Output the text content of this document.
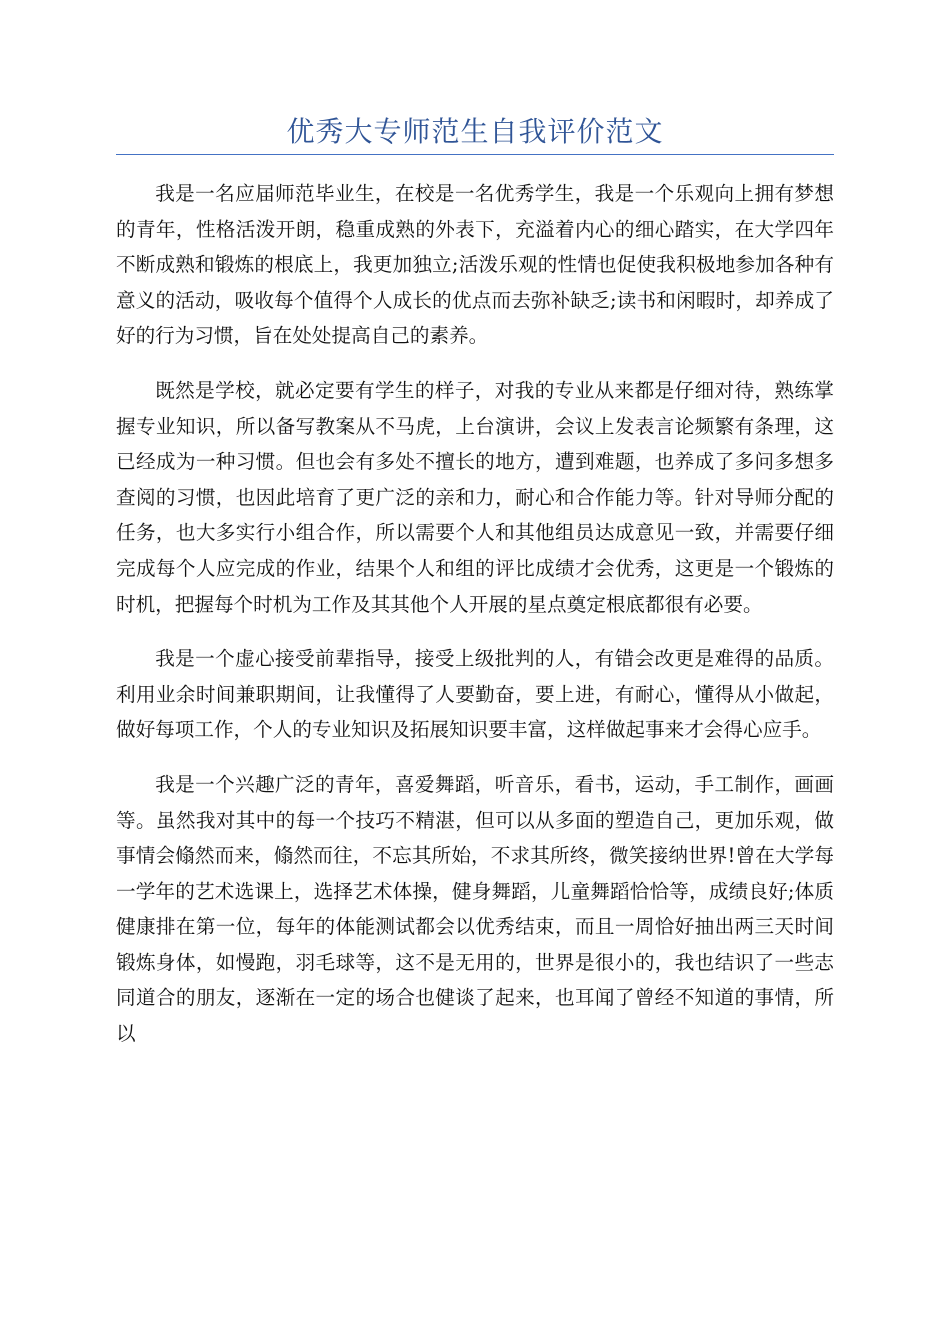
优秀大专师范生自我评价范文

我是一名应届师范毕业生，在校是一名优秀学生，我是一个乐观向上拥有梦想的青年，性格活泼开朗，稳重成熟的外表下，充溢着内心的细心踏实，在大学四年不断成熟和锻炼的根底上，我更加独立;活泼乐观的性情也促使我积极地参加各种有意义的活动，吸收每个值得个人成长的优点而去弥补缺乏;读书和闲暇时，却养成了好的行为习惯，旨在处处提高自己的素养。

既然是学校，就必定要有学生的样子，对我的专业从来都是仔细对待，熟练掌握专业知识，所以备写教案从不马虎，上台演讲，会议上发表言论频繁有条理，这已经成为一种习惯。但也会有多处不擅长的地方，遭到难题，也养成了多问多想多查阅的习惯，也因此培育了更广泛的亲和力，耐心和合作能力等。针对导师分配的任务，也大多实行小组合作，所以需要个人和其他组员达成意见一致，并需要仔细完成每个人应完成的作业，结果个人和组的评比成绩才会优秀，这更是一个锻炼的时机，把握每个时机为工作及其其他个人开展的星点奠定根底都很有必要。

我是一个虚心接受前辈指导，接受上级批判的人，有错会改更是难得的品质。利用业余时间兼职期间，让我懂得了人要勤奋，要上进，有耐心，懂得从小做起，做好每项工作，个人的专业知识及拓展知识要丰富，这样做起事来才会得心应手。

我是一个兴趣广泛的青年，喜爱舞蹈，听音乐，看书，运动，手工制作，画画等。虽然我对其中的每一个技巧不精湛，但可以从多面的塑造自己，更加乐观，做事情会翛然而来，翛然而往，不忘其所始，不求其所终，微笑接纳世界!曾在大学每一学年的艺术选课上，选择艺术体操，健身舞蹈，儿童舞蹈恰恰等，成绩良好;体质健康排在第一位，每年的体能测试都会以优秀结束，而且一周恰好抽出两三天时间锻炼身体，如慢跑，羽毛球等，这不是无用的，世界是很小的，我也结识了一些志同道合的朋友，逐渐在一定的场合也健谈了起来，也耳闻了曾经不知道的事情，所以
